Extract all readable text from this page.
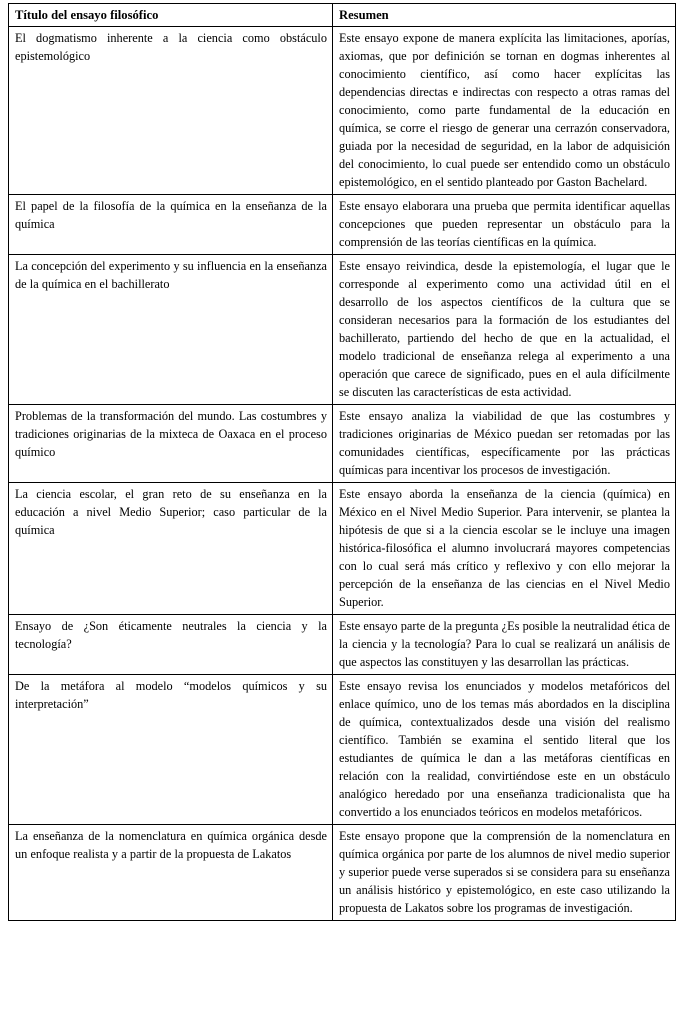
Título del ensayo filosófico	Resumen

El dogmatismo inherente a la ciencia como obstáculo epistemológico	Este ensayo expone de manera explícita las limitaciones, aporías, axiomas, que por definición se tornan en dogmas inherentes al conocimiento científico, así como hacer explícitas las dependencias directas e indirectas con respecto a otras ramas del conocimiento, como parte fundamental de la educación en química, se corre el riesgo de generar una cerrazón conservadora, guiada por la necesidad de seguridad, en la labor de adquisición del conocimiento, lo cual puede ser entendido como un obstáculo epistemológico, en el sentido planteado por Gaston Bachelard.

El papel de la filosofía de la química en la enseñanza de la química	Este ensayo elaborara una prueba que permita identificar aquellas concepciones que pueden representar un obstáculo para la comprensión de las teorías científicas en la química.

La concepción del experimento y su influencia en la enseñanza de la química en el bachillerato	Este ensayo reivindica, desde la epistemología, el lugar que le corresponde al experimento como una actividad útil en el desarrollo de los aspectos científicos de la cultura que se consideran necesarios para la formación de los estudiantes del bachillerato, partiendo del hecho de que en la actualidad, el modelo tradicional de enseñanza relega al experimento a una operación que carece de significado, pues en el aula difícilmente se discuten las características de esta actividad.

Problemas de la transformación del mundo. Las costumbres y tradiciones originarias de la mixteca de Oaxaca en el proceso químico	Este ensayo analiza la viabilidad de que las costumbres y tradiciones originarias de México puedan ser retomadas por las comunidades científicas, específicamente por las prácticas químicas para incentivar los procesos de investigación.

La ciencia escolar, el gran reto de su enseñanza en la educación a nivel Medio Superior; caso particular de la química	Este ensayo aborda la enseñanza de la ciencia (química) en México en el Nivel Medio Superior. Para intervenir, se plantea la hipótesis de que si a la ciencia escolar se le incluye una imagen histórica-filosófica el alumno involucrará mayores competencias con lo cual será más crítico y reflexivo y con ello mejorar la percepción de la enseñanza de las ciencias en el Nivel Medio Superior.

Ensayo de ¿Son éticamente neutrales la ciencia y la tecnología?	Este ensayo parte de la pregunta ¿Es posible la neutralidad ética de la ciencia y la tecnología? Para lo cual se realizará un análisis de que aspectos las constituyen y las desarrollan las prácticas.

De la metáfora al modelo “modelos químicos y su interpretación”	Este ensayo revisa los enunciados y modelos metafóricos del enlace químico, uno de los temas más abordados en la disciplina de química, contextualizados desde una visión del realismo científico. También se examina el sentido literal que los estudiantes de química le dan a las metáforas científicas en relación con la realidad, convirtiéndose este en un obstáculo analógico heredado por una enseñanza tradicionalista que ha convertido a los enunciados teóricos en modelos metafóricos.

La enseñanza de la nomenclatura en química orgánica desde un enfoque realista y a partir de la propuesta de Lakatos	Este ensayo propone que la comprensión de la nomenclatura en química orgánica por parte de los alumnos de nivel medio superior y superior puede verse superados si se considera para su enseñanza un análisis histórico y epistemológico, en este caso utilizando la propuesta de Lakatos sobre los programas de investigación.
